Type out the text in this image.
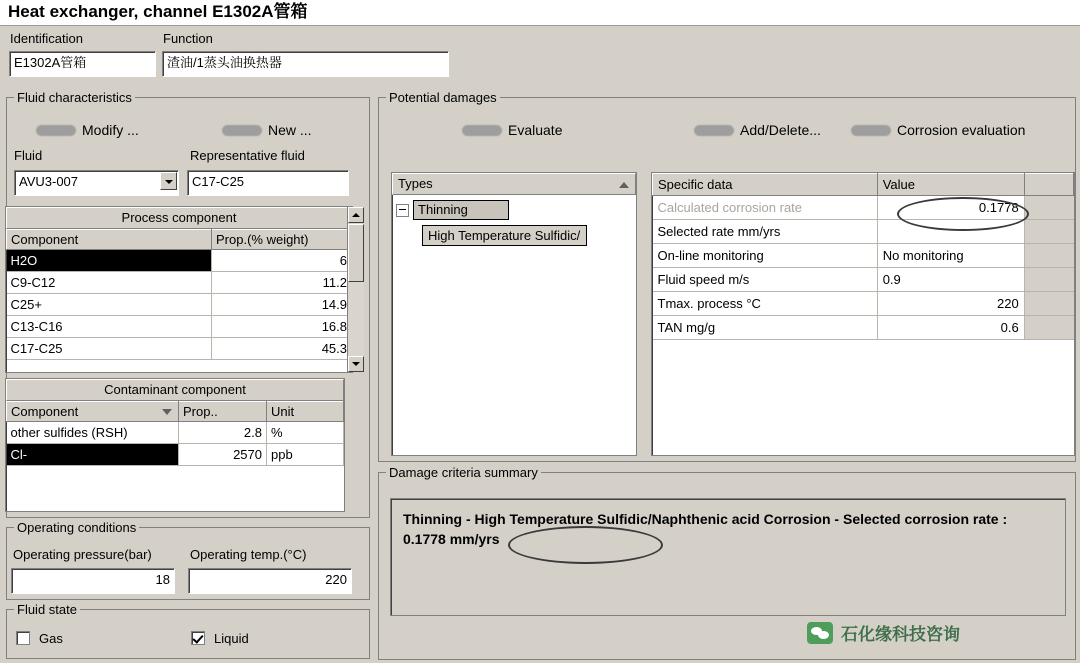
Heat exchanger, channel E1302A管箱
Identification
E1302A管箱
Function
渣油/1蒸头油换热器
Fluid characteristics
Modify ...	New ...
Fluid
AVU3-007
Representative fluid
C17-C25
Process component
Component	Prop.(% weight)
H2O	6
C9-C12	11.2
C25+	14.9
C13-C16	16.8
C17-C25	45.3
Contaminant component
Component	Prop..	Unit
other sulfides (RSH)	2.8	%
Cl-	2570	ppb
Operating conditions
Operating pressure(bar)
18
Operating temp.(°C)
220
Fluid state
Gas	Liquid
Potential damages
Evaluate	Add/Delete...	Corrosion evaluation
Types
Thinning
High Temperature Sulfidic/
Specific data	Value	
Calculated corrosion rate	0.1778	
Selected rate mm/yrs		
On-line monitoring	No monitoring	
Fluid speed m/s	0.9	
Tmax. process °C	220	
TAN mg/g	0.6	
Damage criteria summary
Thinning - High Temperature Sulfidic/Naphthenic acid Corrosion - Selected corrosion rate : 0.1778 mm/yrs
石化缘科技咨询
